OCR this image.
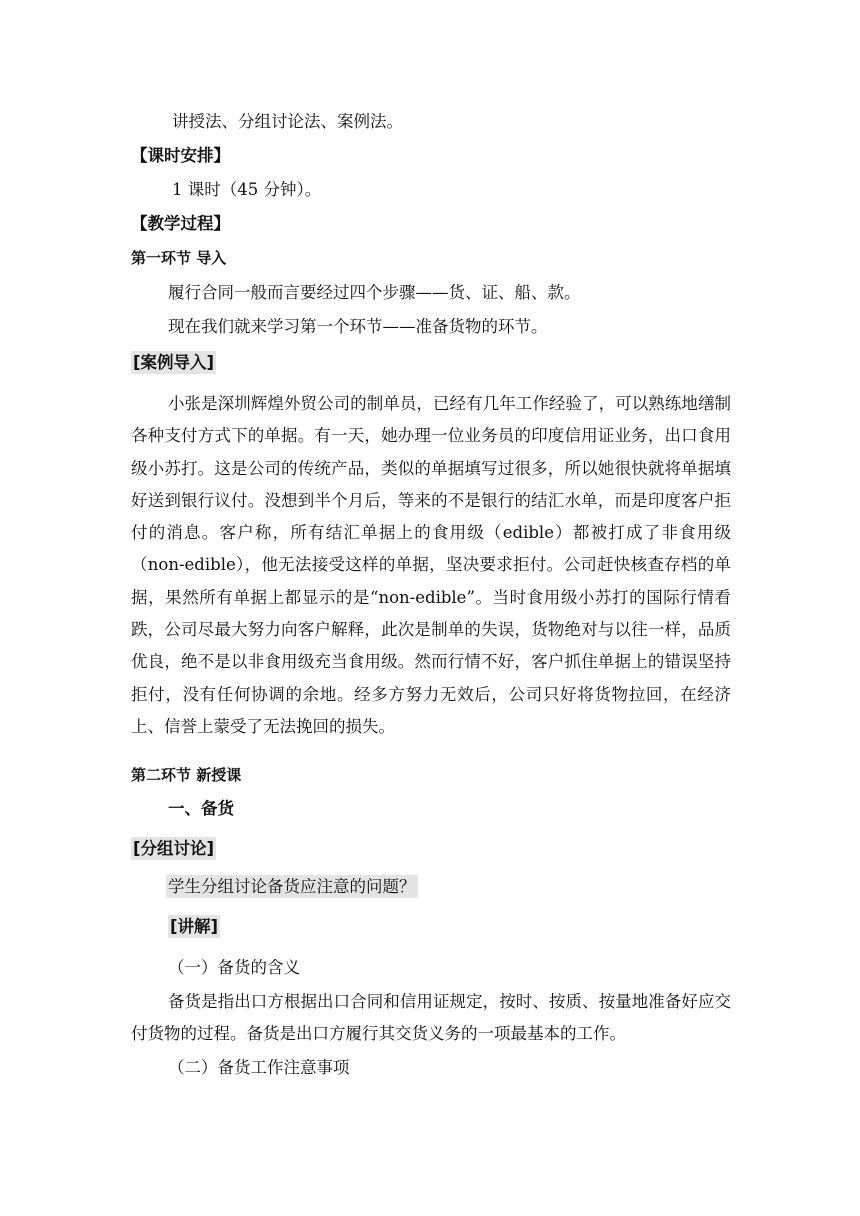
讲授法、分组讨论法、案例法。
【课时安排】
1 课时（45 分钟）。
【教学过程】
第一环节 导入
履行合同一般而言要经过四个步骤——货、证、船、款。
现在我们就来学习第一个环节——准备货物的环节。
[案例导入]
小张是深圳辉煌外贸公司的制单员，已经有几年工作经验了，可以熟练地缮制各种支付方式下的单据。有一天，她办理一位业务员的印度信用证业务，出口食用级小苏打。这是公司的传统产品，类似的单据填写过很多，所以她很快就将单据填好送到银行议付。没想到半个月后，等来的不是银行的结汇水单，而是印度客户拒付的消息。客户称，所有结汇单据上的食用级（edible）都被打成了非食用级（non-edible），他无法接受这样的单据，坚决要求拒付。公司赶快核查存档的单据，果然所有单据上都显示的是“non-edible”。当时食用级小苏打的国际行情看跌，公司尽最大努力向客户解释，此次是制单的失误，货物绝对与以往一样，品质优良，绝不是以非食用级充当食用级。然而行情不好，客户抓住单据上的错误坚持拒付，没有任何协调的余地。经多方努力无效后，公司只好将货物拉回，在经济上、信誉上蒙受了无法挽回的损失。
第二环节 新授课
一、备货
[分组讨论]
学生分组讨论备货应注意的问题？
[讲解]
（一）备货的含义
备货是指出口方根据出口合同和信用证规定，按时、按质、按量地准备好应交付货物的过程。备货是出口方履行其交货义务的一项最基本的工作。
（二）备货工作注意事项
